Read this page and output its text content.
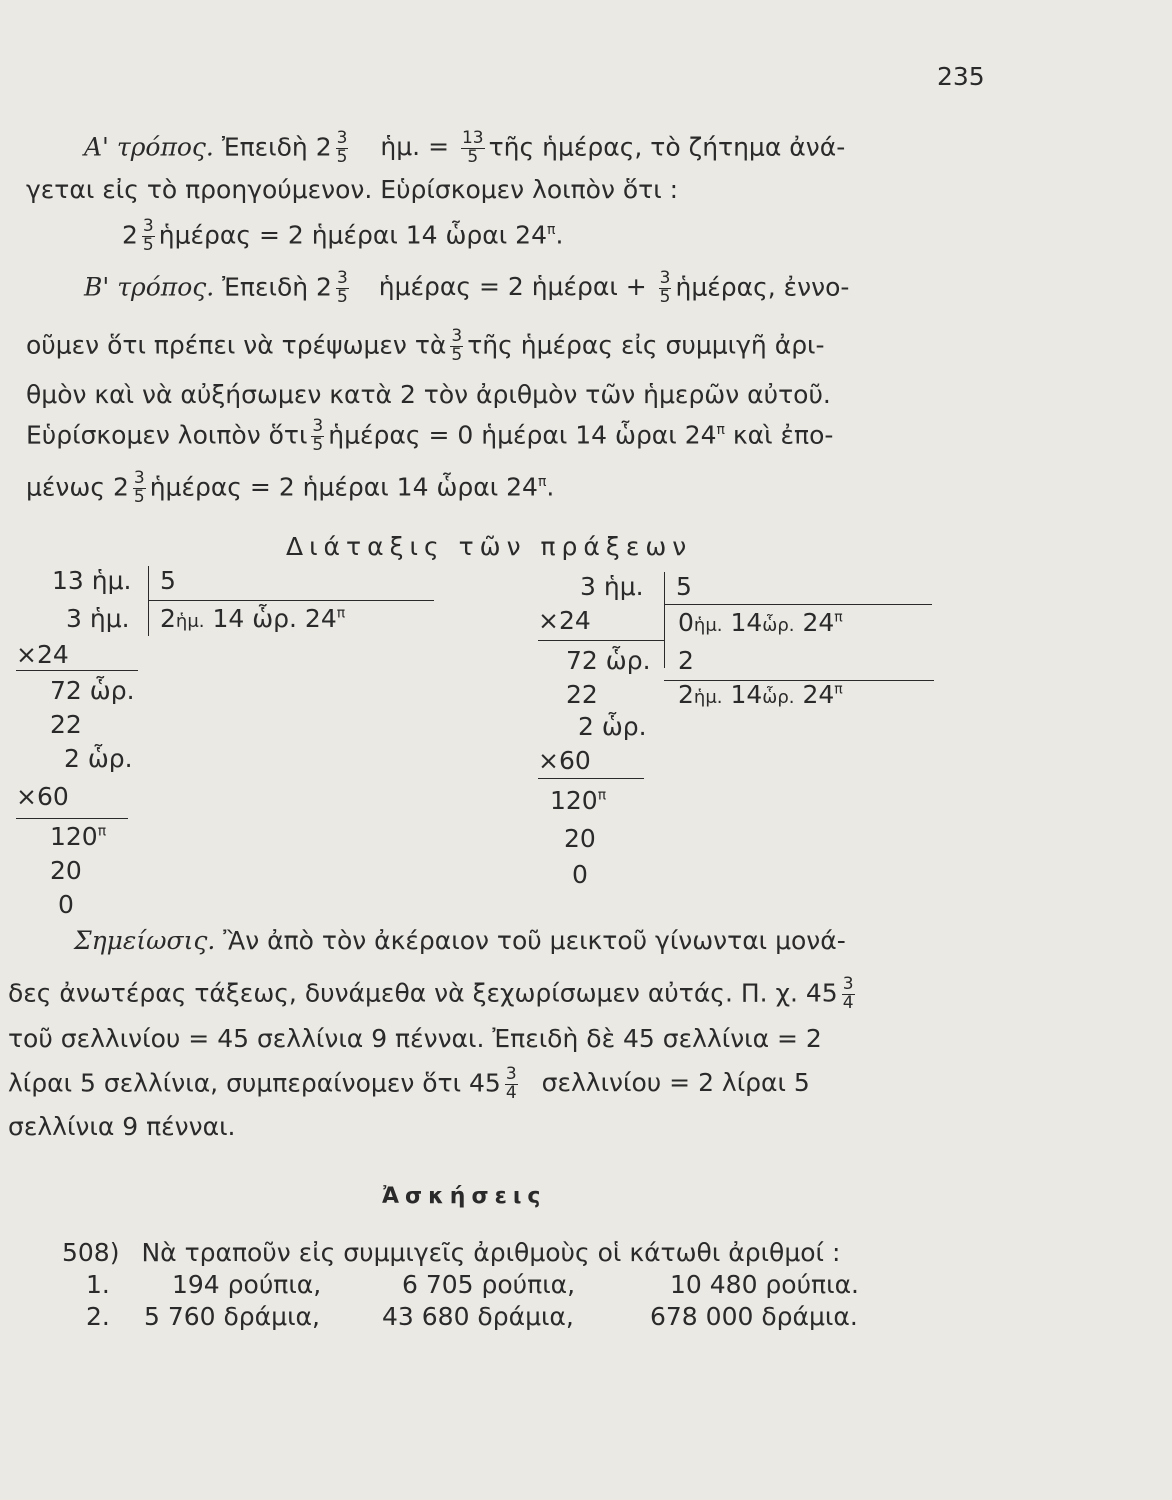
235
Α' τρόπος. Ἐπειδὴ $2 \frac{3}{5}$ ἡμ. = $\frac{13}{5}$ τῆς ἡμέρας, τὸ ζήτημα ἀνά-
γεται εἰς τὸ προηγούμενον. Εὑρίσκομεν λοιπὸν ὅτι :
$2 \frac{3}{5}$ ἡμέρας = 2 ἡμέραι 14 ὧραι $24^\pi$.
Β' τρόπος. Ἐπειδὴ $2 \frac{3}{5}$ ἡμέρας = 2 ἡμέραι + $\frac{3}{5}$ ἡμέρας, ἐννο-
οῦμεν ὅτι πρέπει νὰ τρέψωμεν τὰ $\frac{3}{5}$ τῆς ἡμέρας εἰς συμμιγῆ ἀρι-
θμὸν καὶ νὰ αὐξήσωμεν κατὰ 2 τὸν ἀριθμὸν τῶν ἡμερῶν αὐτοῦ.
Εὑρίσκομεν λοιπὸν ὅτι $\frac{3}{5}$ ἡμέρας = 0 ἡμέραι 14 ὧραι $24^\pi$ καὶ ἐπο-
μένως $2 \frac{3}{5}$ ἡμέρας = 2 ἡμέραι 14 ὧραι $24^\pi$.
Διάταξις τῶν πράξεων
13 ἡμ. 5
3 ἡμ. 2ἡμ. 14 ὧρ. $24^\pi$
×24
72 ὧρ.
22
2 ὧρ.
×60
$120^\pi$
20
0
3 ἡμ. 5
×24	0ἡμ. 14ὧρ. $24^\pi$
72 ὧρ. 2
22	2ἡμ. 14ὧρ. $24^\pi$
2 ὧρ.
×60
$120^\pi$
20
0
Σημείωσις. Ἂν ἀπὸ τὸν ἀκέραιον τοῦ μεικτοῦ γίνωνται μονά-
δες ἀνωτέρας τάξεως, δυνάμεθα νὰ ξεχωρίσωμεν αὐτάς. Π. χ. $45 \frac{3}{4}$
τοῦ σελλινίου = 45 σελλίνια 9 πένναι. Ἐπειδὴ δὲ 45 σελλίνια = 2
λίραι 5 σελλίνια, συμπεραίνομεν ὅτι $45 \frac{3}{4}$ σελλινίου = 2 λίραι 5
σελλίνια 9 πένναι.
Ἀσκήσεις
508) Νὰ τραποῦν εἰς συμμιγεῖς ἀριθμοὺς οἱ κάτωθι ἀριθμοί :
1. 194 ρούπια,	6 705 ρούπια,	10 480 ρούπια.
2. 5 760 δράμια, 43 680 δράμια,	678 000 δράμια.
